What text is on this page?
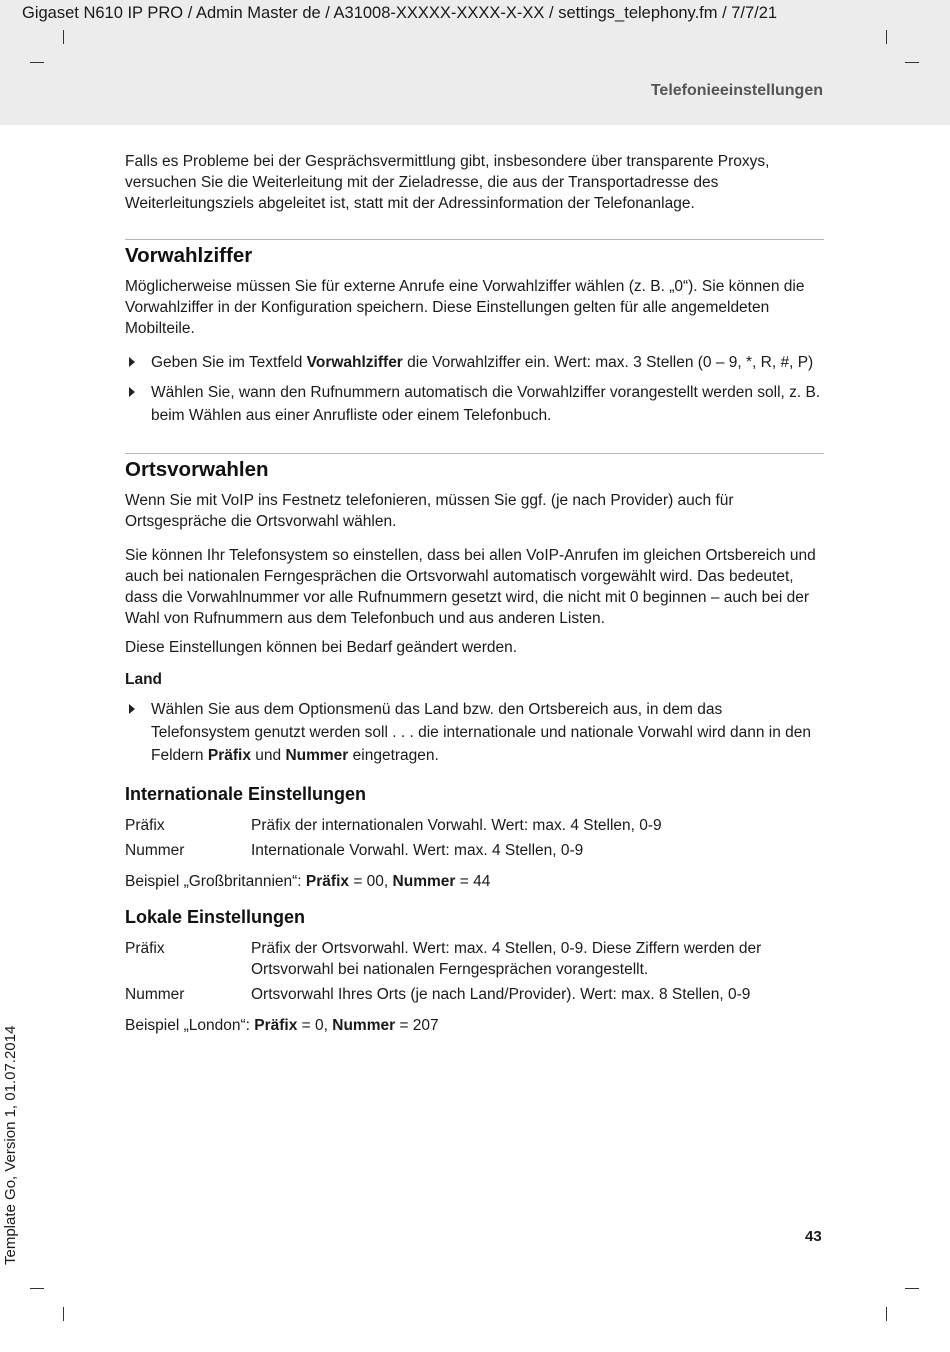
Gigaset N610 IP PRO / Admin Master de / A31008-XXXXX-XXXX-X-XX / settings_telephony.fm / 7/7/21
Telefonieeinstellungen

Falls es Probleme bei der Gesprächsvermittlung gibt, insbesondere über transparente Proxys, versuchen Sie die Weiterleitung mit der Zieladresse, die aus der Transportadresse des Weiterleitungsziels abgeleitet ist, statt mit der Adressinformation der Telefonanlage.

Vorwahlziffer

Möglicherweise müssen Sie für externe Anrufe eine Vorwahlziffer wählen (z. B. „0“). Sie können die Vorwahlziffer in der Konfiguration speichern. Diese Einstellungen gelten für alle angemeldeten Mobilteile.

Geben Sie im Textfeld Vorwahlziffer die Vorwahlziffer ein. Wert: max. 3 Stellen (0 – 9, *, R, #, P)
Wählen Sie, wann den Rufnummern automatisch die Vorwahlziffer vorangestellt werden soll, z. B. beim Wählen aus einer Anrufliste oder einem Telefonbuch.
Ortsvorwahlen

Wenn Sie mit VoIP ins Festnetz telefonieren, müssen Sie ggf. (je nach Provider) auch für Ortsgespräche die Ortsvorwahl wählen.

Sie können Ihr Telefonsystem so einstellen, dass bei allen VoIP-Anrufen im gleichen Ortsbereich und auch bei nationalen Ferngesprächen die Ortsvorwahl automatisch vorgewählt wird. Das bedeutet, dass die Vorwahlnummer vor alle Rufnummern gesetzt wird, die nicht mit 0 beginnen – auch bei der Wahl von Rufnummern aus dem Telefonbuch und aus anderen Listen.

Diese Einstellungen können bei Bedarf geändert werden.

Land
Wählen Sie aus dem Optionsmenü das Land bzw. den Ortsbereich aus, in dem das Telefonsystem genutzt werden soll . . . die internationale und nationale Vorwahl wird dann in den Feldern Präfix und Nummer eingetragen.
Internationale Einstellungen
Präfix	Präfix der internationalen Vorwahl. Wert: max. 4 Stellen, 0-9
Nummer	Internationale Vorwahl. Wert: max. 4 Stellen, 0-9

Beispiel „Großbritannien“: Präfix = 00, Nummer = 44

Lokale Einstellungen
Präfix	Präfix der Ortsvorwahl. Wert: max. 4 Stellen, 0-9. Diese Ziffern werden der Ortsvorwahl bei nationalen Ferngesprächen vorangestellt.
Nummer	Ortsvorwahl Ihres Orts (je nach Land/Provider). Wert: max. 8 Stellen, 0-9

Beispiel „London“: Präfix = 0, Nummer = 207

43
Template Go, Version 1, 01.07.2014
